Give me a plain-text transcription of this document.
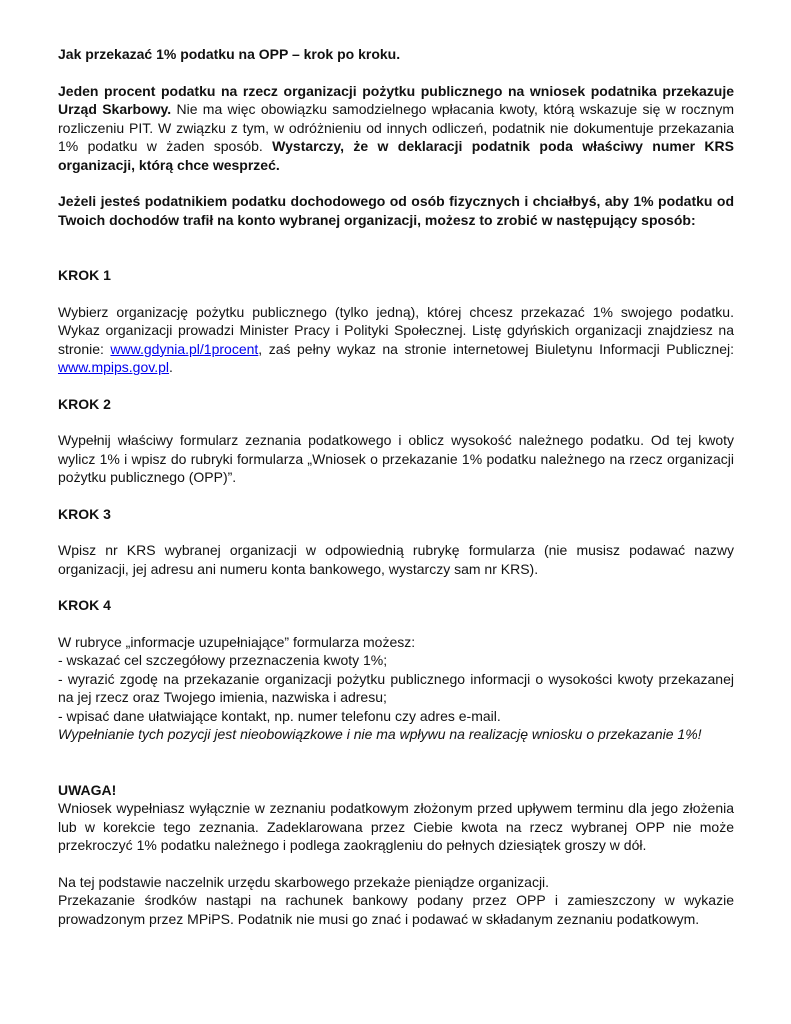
Jak przekazać 1% podatku na OPP – krok po kroku.

Jeden procent podatku na rzecz organizacji pożytku publicznego na wniosek podatnika przekazuje Urząd Skarbowy. Nie ma więc obowiązku samodzielnego wpłacania kwoty, którą wskazuje się w rocznym rozliczeniu PIT. W związku z tym, w odróżnieniu od innych odliczeń, podatnik nie dokumentuje przekazania 1% podatku w żaden sposób. Wystarczy, że w deklaracji podatnik poda właściwy numer KRS organizacji, którą chce wesprzeć.

Jeżeli jesteś podatnikiem podatku dochodowego od osób fizycznych i chciałbyś, aby 1% podatku od Twoich dochodów trafił na konto wybranej organizacji, możesz to zrobić w następujący sposób:

KROK 1

Wybierz organizację pożytku publicznego (tylko jedną), której chcesz przekazać 1% swojego podatku. Wykaz organizacji prowadzi Minister Pracy i Polityki Społecznej. Listę gdyńskich organizacji znajdziesz na stronie: www.gdynia.pl/1procent, zaś pełny wykaz na stronie internetowej Biuletynu Informacji Publicznej: www.mpips.gov.pl.

KROK 2

Wypełnij właściwy formularz zeznania podatkowego i oblicz wysokość należnego podatku. Od tej kwoty wylicz 1% i wpisz do rubryki formularza „Wniosek o przekazanie 1% podatku należnego na rzecz organizacji pożytku publicznego (OPP)”.

KROK 3

Wpisz nr KRS wybranej organizacji w odpowiednią rubrykę formularza (nie musisz podawać nazwy organizacji, jej adresu ani numeru konta bankowego, wystarczy sam nr KRS).

KROK 4

W rubryce „informacje uzupełniające” formularza możesz:

- wskazać cel szczegółowy przeznaczenia kwoty 1%;

- wyrazić zgodę na przekazanie organizacji pożytku publicznego informacji o wysokości kwoty przekazanej na jej rzecz oraz Twojego imienia, nazwiska i adresu;

- wpisać dane ułatwiające kontakt, np. numer telefonu czy adres e-mail.

Wypełnianie tych pozycji jest nieobowiązkowe i nie ma wpływu na realizację wniosku o przekazanie 1%!

UWAGA!

Wniosek wypełniasz wyłącznie w zeznaniu podatkowym złożonym przed upływem terminu dla jego złożenia lub w korekcie tego zeznania. Zadeklarowana przez Ciebie kwota na rzecz wybranej OPP nie może przekroczyć 1% podatku należnego i podlega zaokrągleniu do pełnych dziesiątek groszy w dół.

Na tej podstawie naczelnik urzędu skarbowego przekaże pieniądze organizacji.

Przekazanie środków nastąpi na rachunek bankowy podany przez OPP i zamieszczony w wykazie prowadzonym przez MPiPS. Podatnik nie musi go znać i podawać w składanym zeznaniu podatkowym.
